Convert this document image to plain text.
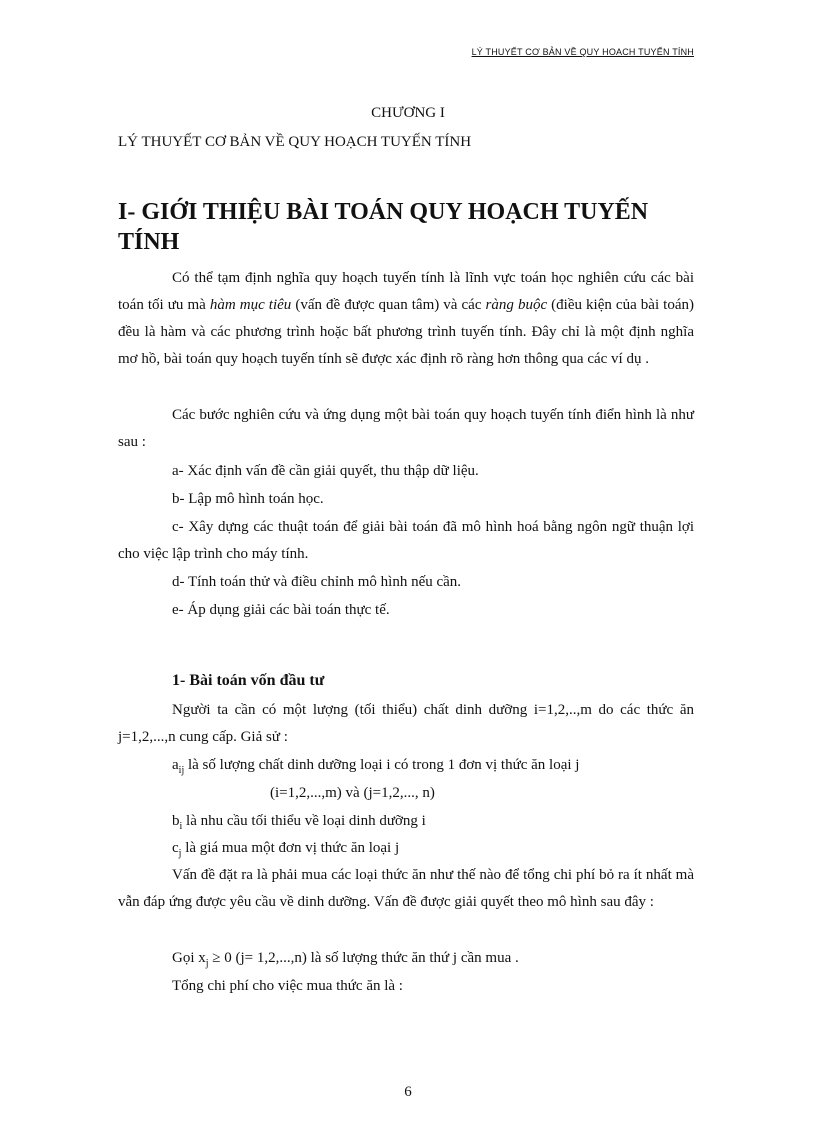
LÝ THUYẾT CƠ BẢN VỀ QUY HOẠCH TUYẾN TÍNH
CHƯƠNG I
LÝ THUYẾT CƠ BẢN VỀ QUY HOẠCH TUYẾN TÍNH
I- GIỚI THIỆU BÀI TOÁN QUY HOẠCH TUYẾN TÍNH

Có thể tạm định nghĩa quy hoạch tuyến tính là lĩnh vực toán học nghiên cứu các bài toán tối ưu mà hàm mục tiêu (vấn đề được quan tâm) và các ràng buộc (điều kiện của bài toán) đều là hàm và các phương trình hoặc bất phương trình tuyến tính. Đây chỉ là một định nghĩa mơ hồ, bài toán quy hoạch tuyến tính sẽ được xác định rõ ràng hơn thông qua các ví dụ .

Các bước nghiên cứu và ứng dụng một bài toán quy hoạch tuyến tính điển hình là như sau :

a- Xác định vấn đề cần giải quyết, thu thập dữ liệu.
b- Lập mô hình toán học.

c- Xây dựng các thuật toán để giải bài toán đã mô hình hoá bằng ngôn ngữ thuận lợi cho việc lập trình cho máy tính.

d- Tính toán thử và điều chỉnh mô hình nếu cần.
e- Áp dụng giải các bài toán thực tế.
1- Bài toán vốn đầu tư

Người ta cần có một lượng (tối thiểu) chất dinh dưỡng i=1,2,..,m do các thức ăn j=1,2,...,n cung cấp. Giả sử :

$a_{ij}$ là số lượng chất dinh dưỡng loại i có trong 1 đơn vị thức ăn loại j
(i=1,2,...,m) và (j=1,2,..., n)
$b_i$ là nhu cầu tối thiểu về loại dinh dưỡng i
$c_j$ là giá mua một đơn vị thức ăn loại j

Vấn đề đặt ra là phải mua các loại thức ăn như thế nào để tổng chi phí bỏ ra ít nhất mà vẫn đáp ứng được yêu cầu về dinh dưỡng. Vấn đề được giải quyết theo mô hình sau đây :

Gọi $x_j \ge 0$ (j= 1,2,...,n) là số lượng thức ăn thứ j cần mua .
Tổng chi phí cho việc mua thức ăn là :
6
